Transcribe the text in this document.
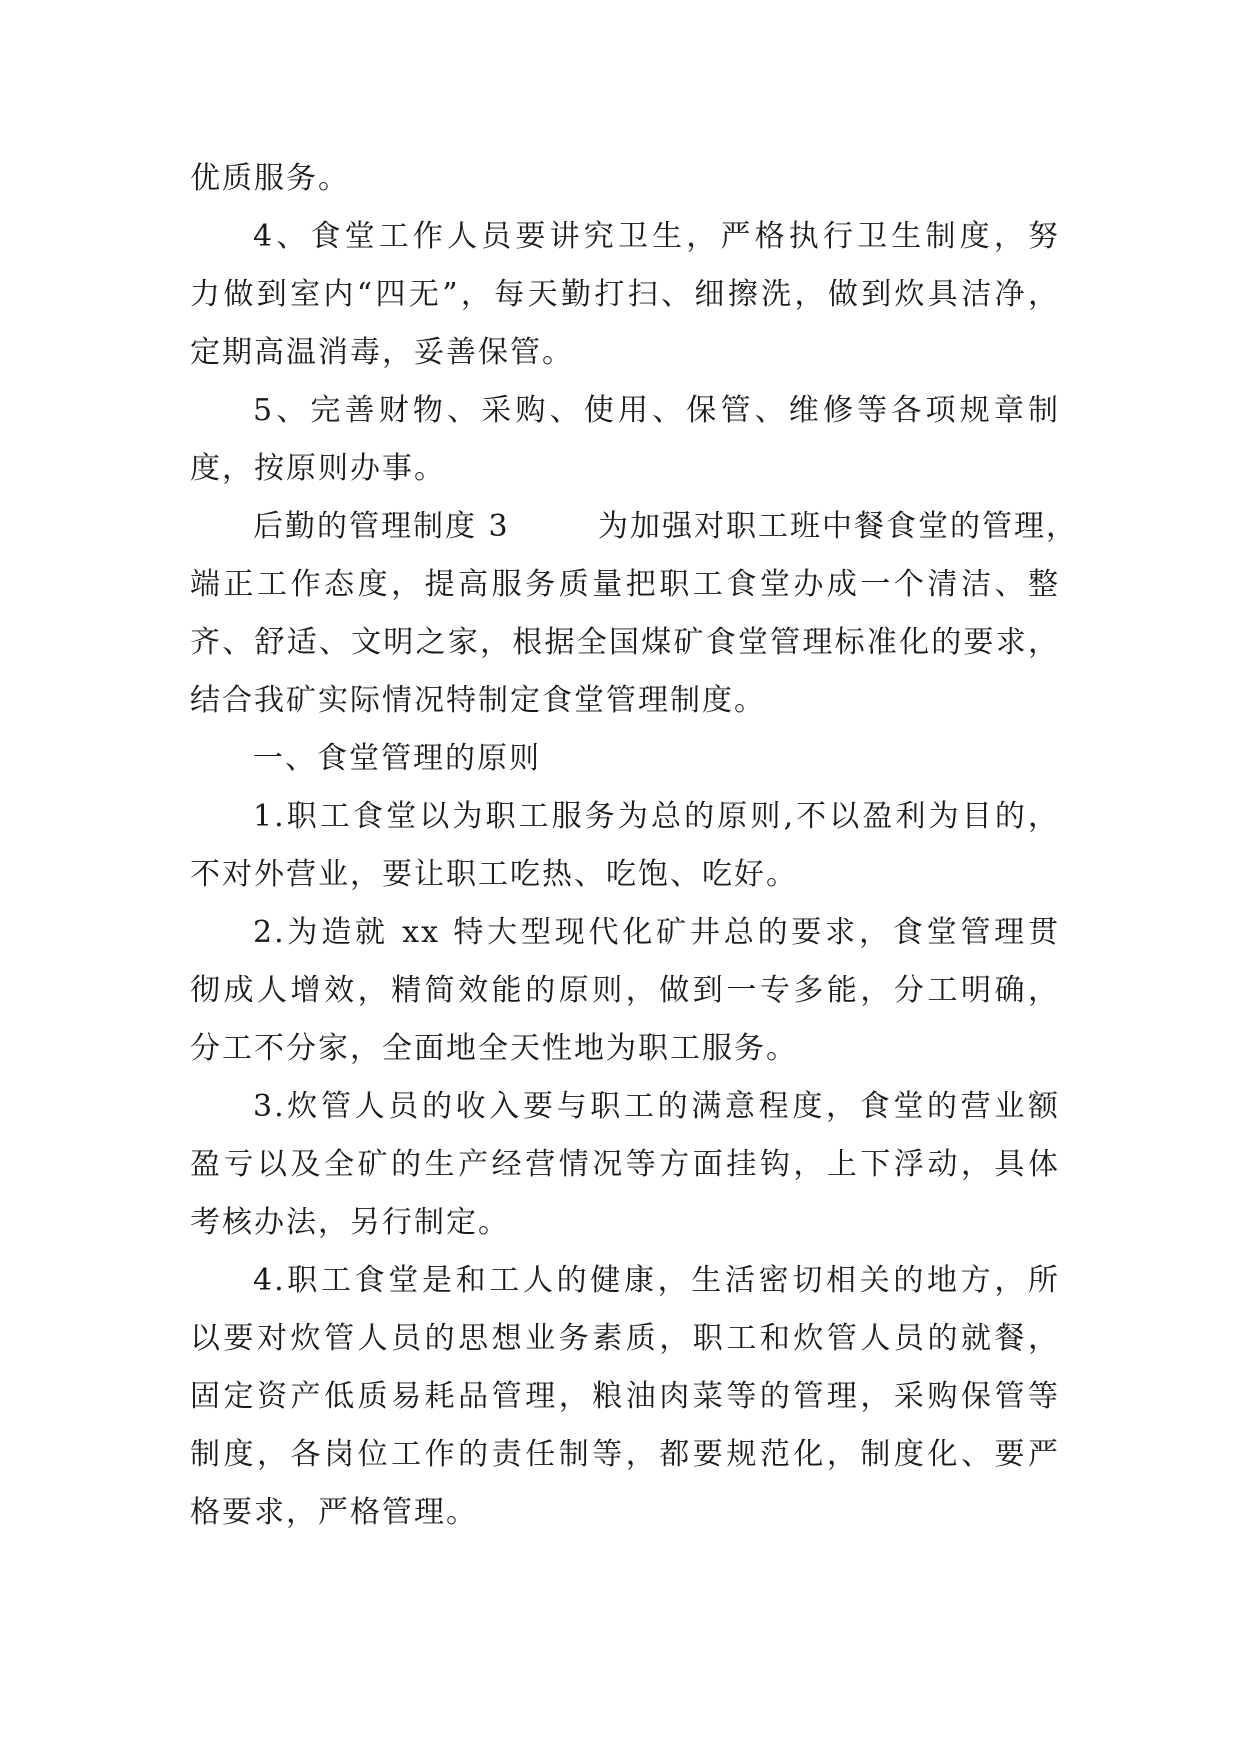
优质服务。
4、食堂工作人员要讲究卫生，严格执行卫生制度，努
力做到室内“四无”，每天勤打扫、细擦洗，做到炊具洁净，
定期高温消毒，妥善保管。
5、完善财物、采购、使用、保管、维修等各项规章制
度，按原则办事。
后勤的管理制度 3	为加强对职工班中餐食堂的管理，
端正工作态度，提高服务质量把职工食堂办成一个清洁、整
齐、舒适、文明之家，根据全国煤矿食堂管理标准化的要求，
结合我矿实际情况特制定食堂管理制度。
一、食堂管理的原则
1.职工食堂以为职工服务为总的原则,不以盈利为目的，
不对外营业，要让职工吃热、吃饱、吃好。
2.为造就 xx 特大型现代化矿井总的要求，食堂管理贯
彻成人增效，精简效能的原则，做到一专多能，分工明确，
分工不分家，全面地全天性地为职工服务。
3.炊管人员的收入要与职工的满意程度，食堂的营业额
盈亏以及全矿的生产经营情况等方面挂钩，上下浮动，具体
考核办法，另行制定。
4.职工食堂是和工人的健康，生活密切相关的地方，所
以要对炊管人员的思想业务素质，职工和炊管人员的就餐，
固定资产低质易耗品管理，粮油肉菜等的管理，采购保管等
制度，各岗位工作的责任制等，都要规范化，制度化、要严
格要求，严格管理。
